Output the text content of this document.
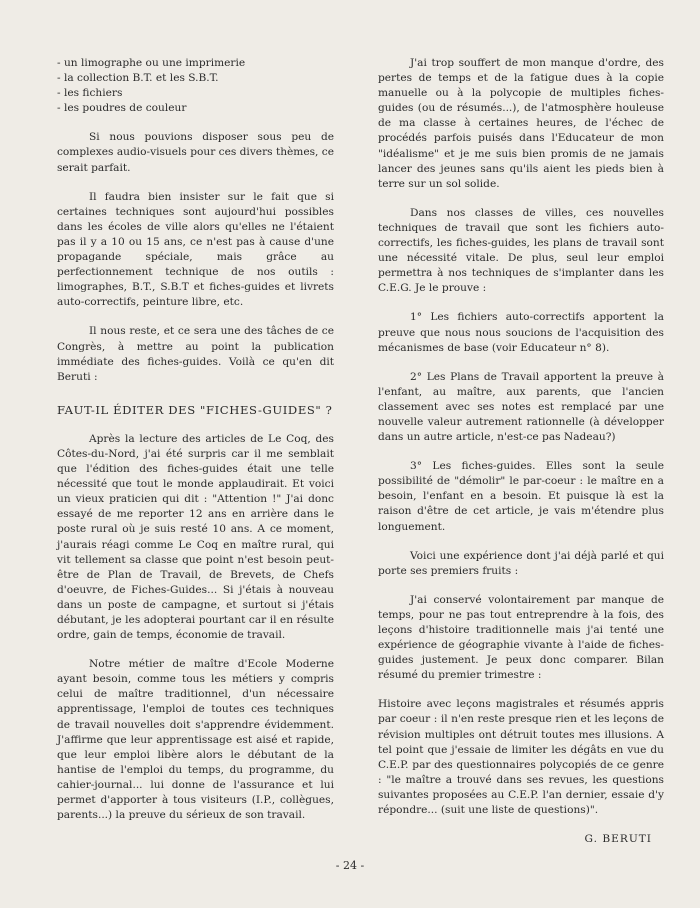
- un limographe ou une imprimerie
- la collection B.T. et les S.B.T.
- les fichiers
- les poudres de couleur

Si nous pouvions disposer sous peu de complexes audio-visuels pour ces divers thèmes, ce serait parfait.

Il faudra bien insister sur le fait que si certaines techniques sont aujourd'hui possibles dans les écoles de ville alors qu'elles ne l'étaient pas il y a 10 ou 15 ans, ce n'est pas à cause d'une propagande spéciale, mais grâce au perfectionnement technique de nos outils : limographes, B.T., S.B.T et fiches-guides et livrets auto-correctifs, peinture libre, etc.

Il nous reste, et ce sera une des tâches de ce Congrès, à mettre au point la publication immédiate des fiches-guides. Voilà ce qu'en dit Beruti :

FAUT-IL ÉDITER DES "FICHES-GUIDES" ?

Après la lecture des articles de Le Coq, des Côtes-du-Nord, j'ai été surpris car il me semblait que l'édition des fiches-guides était une telle nécessité que tout le monde applaudirait. Et voici un vieux praticien qui dit : "Attention !" J'ai donc essayé de me reporter 12 ans en arrière dans le poste rural où je suis resté 10 ans. A ce moment, j'aurais réagi comme Le Coq en maître rural, qui vit tellement sa classe que point n'est besoin peut-être de Plan de Travail, de Brevets, de Chefs d'oeuvre, de Fiches-Guides... Si j'étais à nouveau dans un poste de campagne, et surtout si j'étais débutant, je les adopterai pourtant car il en résulte ordre, gain de temps, économie de travail.

Notre métier de maître d'Ecole Moderne ayant besoin, comme tous les métiers y compris celui de maître traditionnel, d'un nécessaire apprentissage, l'emploi de toutes ces techniques de travail nouvelles doit s'apprendre évidemment. J'affirme que leur apprentissage est aisé et rapide, que leur emploi libère alors le débutant de la hantise de l'emploi du temps, du programme, du cahier-journal... lui donne de l'assurance et lui permet d'apporter à tous visiteurs (I.P., collègues, parents...) la preuve du sérieux de son travail.

J'ai trop souffert de mon manque d'ordre, des pertes de temps et de la fatigue dues à la copie manuelle ou à la polycopie de multiples fiches-guides (ou de résumés...), de l'atmosphère houleuse de ma classe à certaines heures, de l'échec de procédés parfois puisés dans l'Educateur de mon "idéalisme" et je me suis bien promis de ne jamais lancer des jeunes sans qu'ils aient les pieds bien à terre sur un sol solide.

Dans nos classes de villes, ces nouvelles techniques de travail que sont les fichiers auto-correctifs, les fiches-guides, les plans de travail sont une nécessité vitale. De plus, seul leur emploi permettra à nos techniques de s'implanter dans les C.E.G. Je le prouve :

1° Les fichiers auto-correctifs apportent la preuve que nous nous soucions de l'acquisition des mécanismes de base (voir Educateur n° 8).

2° Les Plans de Travail apportent la preuve à l'enfant, au maître, aux parents, que l'ancien classement avec ses notes est remplacé par une nouvelle valeur autrement rationnelle (à développer dans un autre article, n'est-ce pas Nadeau?)

3° Les fiches-guides. Elles sont la seule possibilité de "démolir" le par-coeur : le maître en a besoin, l'enfant en a besoin. Et puisque là est la raison d'être de cet article, je vais m'étendre plus longuement.

Voici une expérience dont j'ai déjà parlé et qui porte ses premiers fruits :

J'ai conservé volontairement par manque de temps, pour ne pas tout entreprendre à la fois, des leçons d'histoire traditionnelle mais j'ai tenté une expérience de géographie vivante à l'aide de fiches-guides justement. Je peux donc comparer. Bilan résumé du premier trimestre :

Histoire avec leçons magistrales et résumés appris par coeur : il n'en reste presque rien et les leçons de révision multiples ont détruit toutes mes illusions. A tel point que j'essaie de limiter les dégâts en vue du C.E.P. par des questionnaires polycopiés de ce genre : "le maître a trouvé dans ses revues, les questions suivantes proposées au C.E.P. l'an dernier, essaie d'y répondre... (suit une liste de questions)".

G. BERUTI
- 24 -
